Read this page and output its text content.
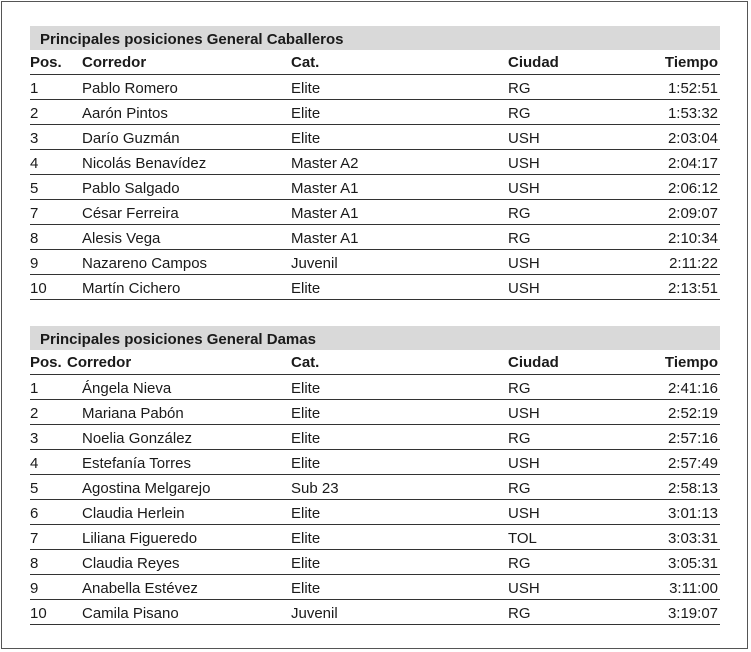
Principales posiciones General Caballeros
Pos. Corredor	Cat.	Ciudad	Tiempo
1	Pablo Romero	Elite	RG	1:52:51
2	Aarón Pintos	Elite	RG	1:53:32
3	Darío Guzmán	Elite	USH	2:03:04
4	Nicolás Benavídez	Master A2	USH	2:04:17
5	Pablo Salgado	Master A1	USH	2:06:12
7	César Ferreira	Master A1	RG	2:09:07
8	Alesis Vega	Master A1	RG	2:10:34
9	Nazareno Campos	Juvenil	USH	2:11:22
10 Martín Cichero	Elite	USH	2:13:51
Principales posiciones General Damas
Pos. Corredor	Cat.	Ciudad	Tiempo
1	Ángela Nieva	Elite	RG	2:41:16
2	Mariana Pabón	Elite	USH	2:52:19
3	Noelia González	Elite	RG	2:57:16
4	Estefanía Torres	Elite	USH	2:57:49
5	Agostina Melgarejo	Sub 23	RG	2:58:13
6	Claudia Herlein	Elite	USH	3:01:13
7	Liliana Figueredo	Elite	TOL	3:03:31
8	Claudia Reyes	Elite	RG	3:05:31
9	Anabella Estévez	Elite	USH	3:11:00
10 Camila Pisano	Juvenil	RG	3:19:07
